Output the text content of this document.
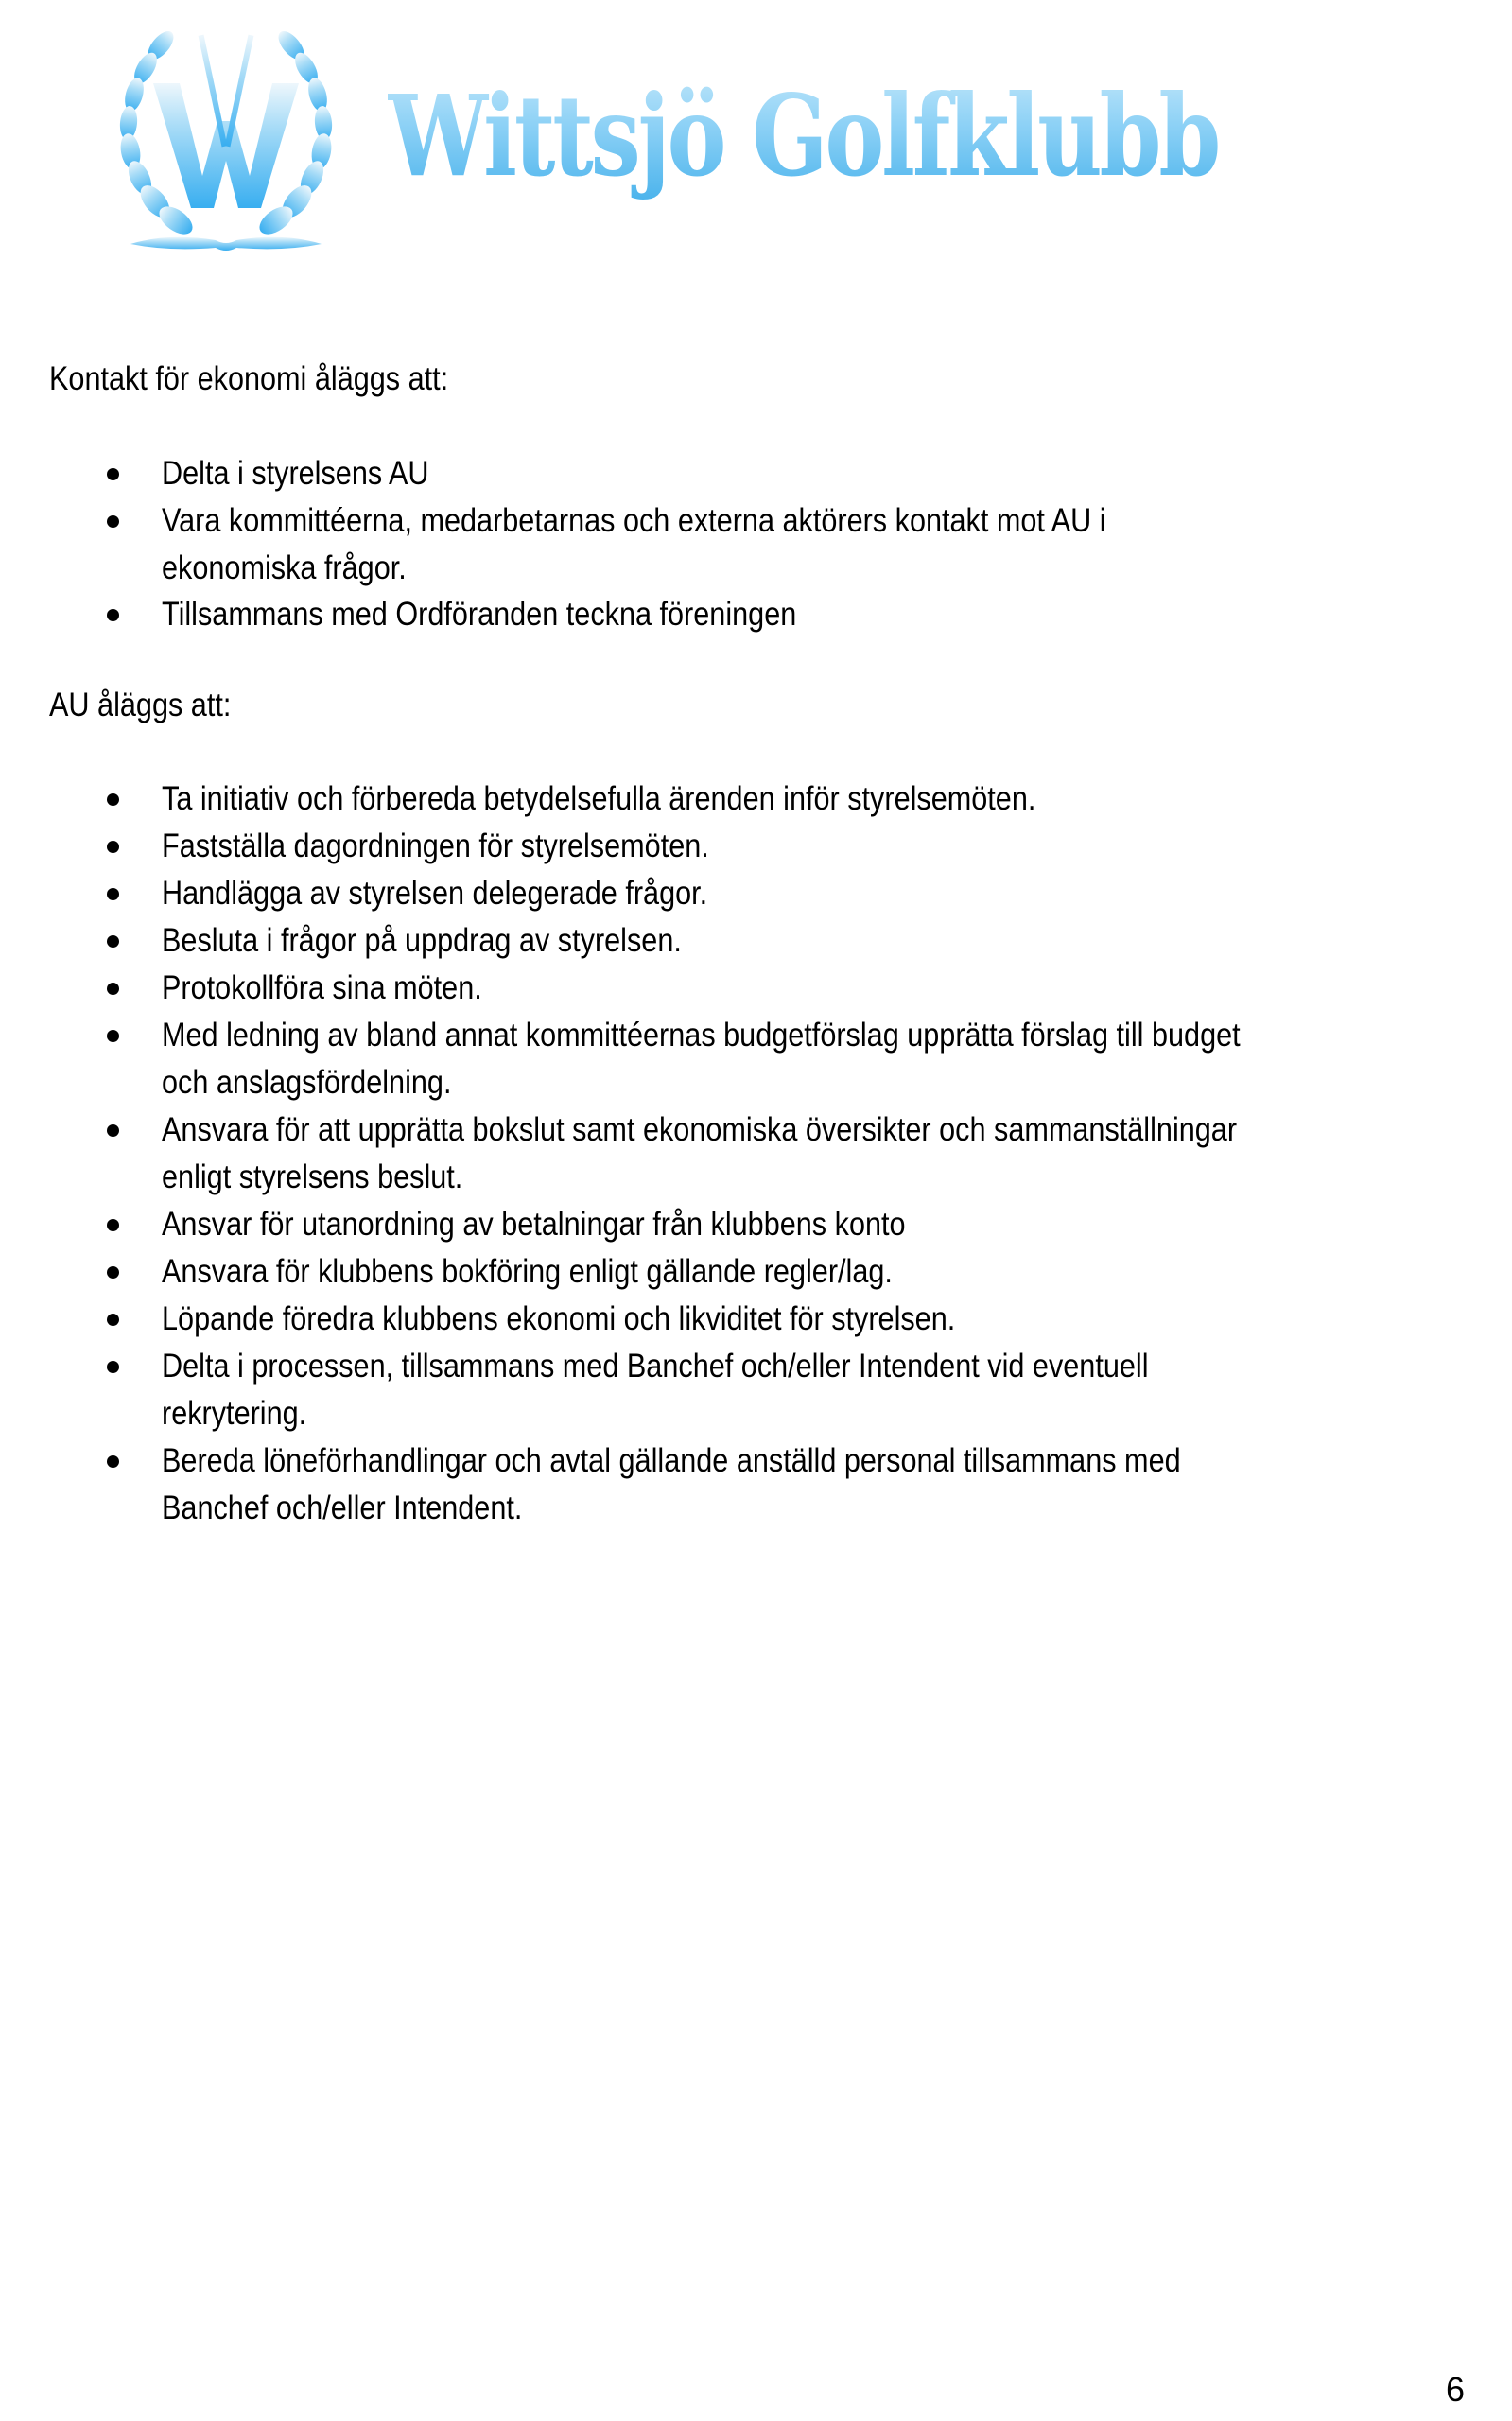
G K Wittsjö Golfklubb
Kontakt för ekonomi åläggs att:
Delta i styrelsens AU
Vara kommittéerna, medarbetarnas och externa aktörers kontakt mot AU i
ekonomiska frågor.
Tillsammans med Ordföranden teckna föreningen
AU åläggs att:
Ta initiativ och förbereda betydelsefulla ärenden inför styrelsemöten.
Fastställa dagordningen för styrelsemöten.
Handlägga av styrelsen delegerade frågor.
Besluta i frågor på uppdrag av styrelsen.
Protokollföra sina möten.
Med ledning av bland annat kommittéernas budgetförslag upprätta förslag till budget
och anslagsfördelning.
Ansvara för att upprätta bokslut samt ekonomiska översikter och sammanställningar
enligt styrelsens beslut.
Ansvar för utanordning av betalningar från klubbens konto
Ansvara för klubbens bokföring enligt gällande regler/lag.
Löpande föredra klubbens ekonomi och likviditet för styrelsen.
Delta i processen, tillsammans med Banchef och/eller Intendent vid eventuell
rekrytering.
Bereda löneförhandlingar och avtal gällande anställd personal tillsammans med
Banchef och/eller Intendent.
6
